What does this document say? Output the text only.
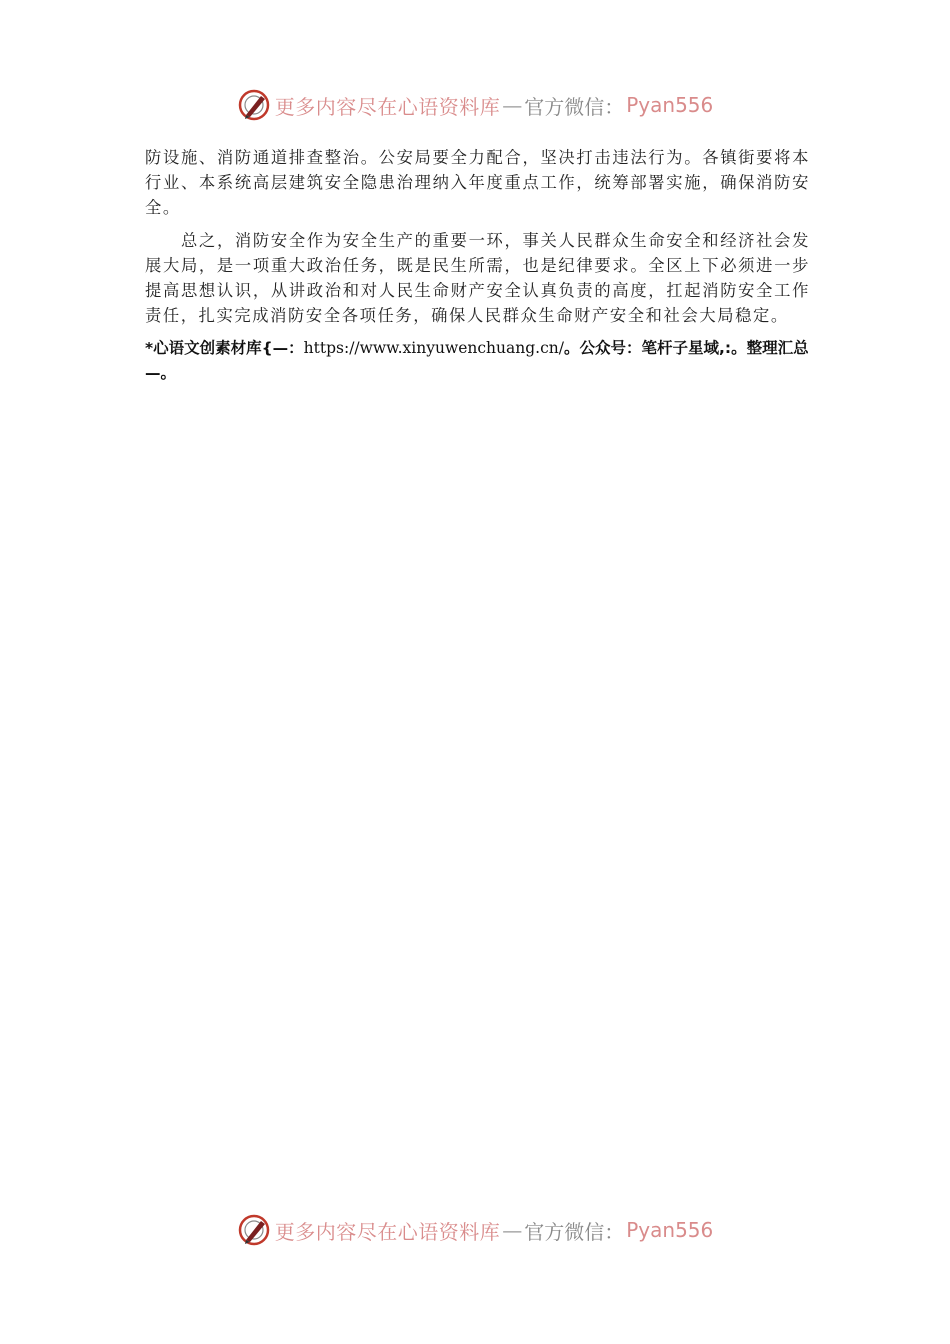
更多内容尽在心语资料库 — 官方微信： Pyan556

防设施、消防通道排查整治。公安局要全力配合，坚决打击违法行为。各镇街要将本行业、本系统高层建筑安全隐患治理纳入年度重点工作，统筹部署实施，确保消防安全。

总之，消防安全作为安全生产的重要一环，事关人民群众生命安全和经济社会发展大局，是一项重大政治任务，既是民生所需，也是纪律要求。全区上下必须进一步提高思想认识，从讲政治和对人民生命财产安全认真负责的高度，扛起消防安全工作责任，扎实完成消防安全各项任务，确保人民群众生命财产安全和社会大局稳定。

*心语文创素材库{—：https://www.xinyuwenchuang.cn/。公众号：笔杆子星域,:。整理汇总—。
更多内容尽在心语资料库 — 官方微信： Pyan556
